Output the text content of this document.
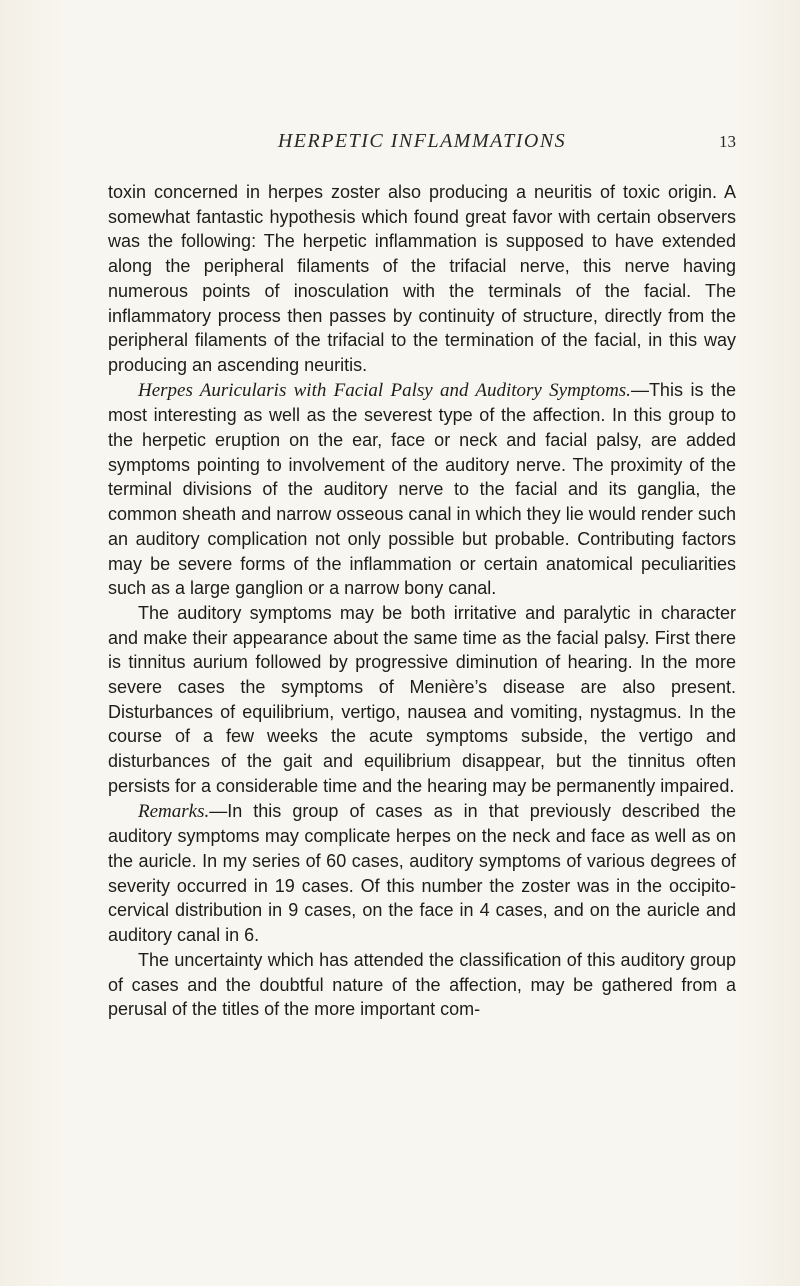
HERPETIC INFLAMMATIONS	13

toxin concerned in herpes zoster also producing a neuritis of toxic origin. A somewhat fantastic hypothesis which found great favor with certain observers was the following: The herpetic inflammation is supposed to have extended along the peripheral filaments of the trifacial nerve, this nerve having numerous points of inosculation with the terminals of the facial. The inflammatory process then passes by continuity of structure, directly from the peripheral filaments of the trifacial to the termination of the facial, in this way producing an ascending neuritis.

Herpes Auricularis with Facial Palsy and Auditory Symptoms.—This is the most interesting as well as the severest type of the affection. In this group to the herpetic eruption on the ear, face or neck and facial palsy, are added symptoms pointing to involvement of the auditory nerve. The proximity of the terminal divisions of the auditory nerve to the facial and its ganglia, the common sheath and narrow osseous canal in which they lie would render such an auditory complication not only possible but probable. Contributing factors may be severe forms of the inflammation or certain anatomical peculiarities such as a large ganglion or a narrow bony canal.

The auditory symptoms may be both irritative and paralytic in character and make their appearance about the same time as the facial palsy. First there is tinnitus aurium followed by progressive diminution of hearing. In the more severe cases the symptoms of Menière’s disease are also present. Disturbances of equilibrium, vertigo, nausea and vomiting, nystagmus. In the course of a few weeks the acute symptoms subside, the vertigo and disturbances of the gait and equilibrium disappear, but the tinnitus often persists for a considerable time and the hearing may be permanently impaired.

Remarks.—In this group of cases as in that previously described the auditory symptoms may complicate herpes on the neck and face as well as on the auricle. In my series of 60 cases, auditory symptoms of various degrees of severity occurred in 19 cases. Of this number the zoster was in the occipito-cervical distribution in 9 cases, on the face in 4 cases, and on the auricle and auditory canal in 6.

The uncertainty which has attended the classification of this auditory group of cases and the doubtful nature of the affection, may be gathered from a perusal of the titles of the more important com-
